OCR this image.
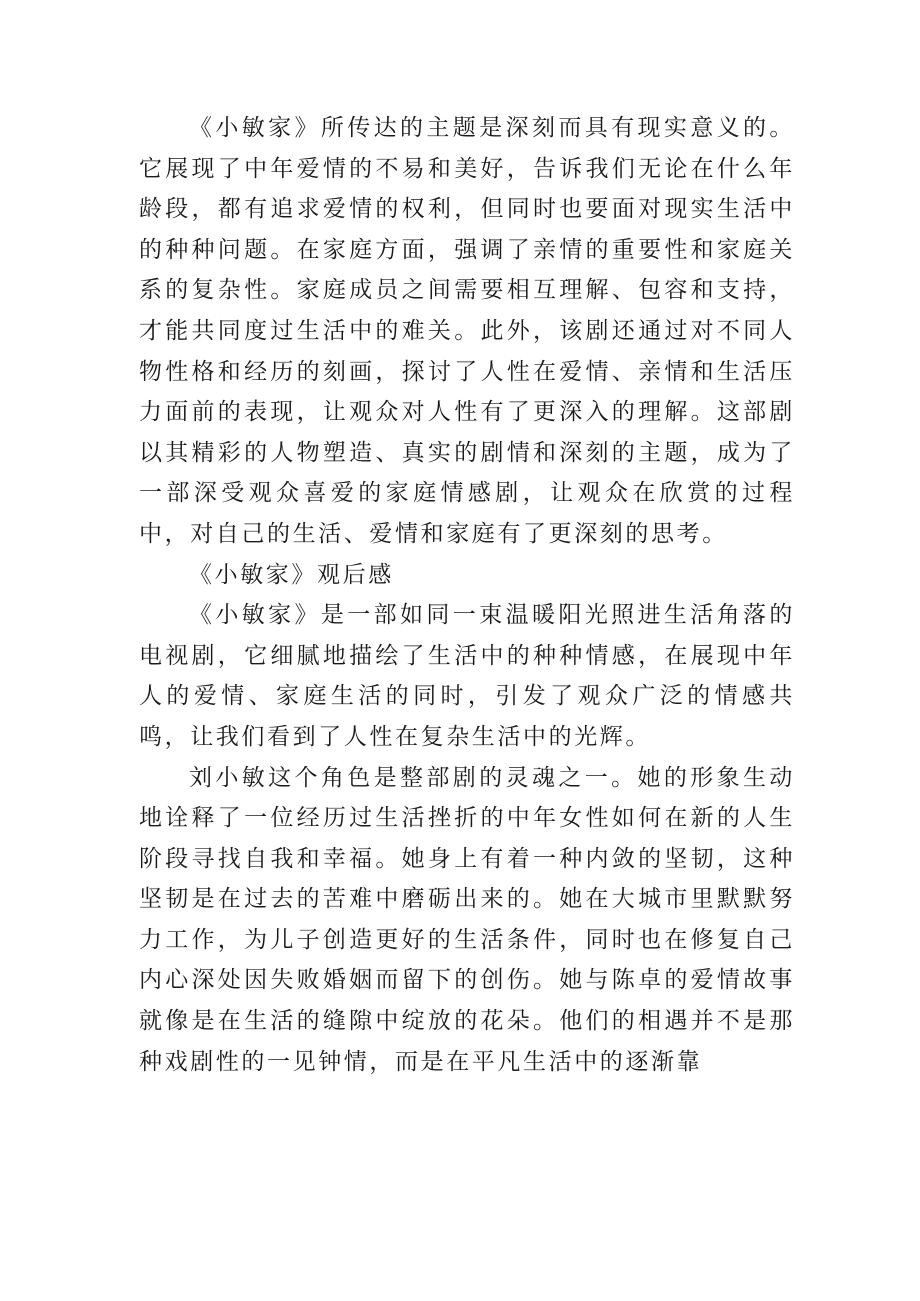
《小敏家》所传达的主题是深刻而具有现实意义的。它展现了中年爱情的不易和美好，告诉我们无论在什么年龄段，都有追求爱情的权利，但同时也要面对现实生活中的种种问题。在家庭方面，强调了亲情的重要性和家庭关系的复杂性。家庭成员之间需要相互理解、包容和支持，才能共同度过生活中的难关。此外，该剧还通过对不同人物性格和经历的刻画，探讨了人性在爱情、亲情和生活压力面前的表现，让观众对人性有了更深入的理解。这部剧以其精彩的人物塑造、真实的剧情和深刻的主题，成为了一部深受观众喜爱的家庭情感剧，让观众在欣赏的过程中，对自己的生活、爱情和家庭有了更深刻的思考。

《小敏家》观后感

《小敏家》是一部如同一束温暖阳光照进生活角落的电视剧，它细腻地描绘了生活中的种种情感，在展现中年人的爱情、家庭生活的同时，引发了观众广泛的情感共鸣，让我们看到了人性在复杂生活中的光辉。

刘小敏这个角色是整部剧的灵魂之一。她的形象生动地诠释了一位经历过生活挫折的中年女性如何在新的人生阶段寻找自我和幸福。她身上有着一种内敛的坚韧，这种坚韧是在过去的苦难中磨砺出来的。她在大城市里默默努力工作，为儿子创造更好的生活条件，同时也在修复自己内心深处因失败婚姻而留下的创伤。她与陈卓的爱情故事就像是在生活的缝隙中绽放的花朵。他们的相遇并不是那种戏剧性的一见钟情，而是在平凡生活中的逐渐靠
